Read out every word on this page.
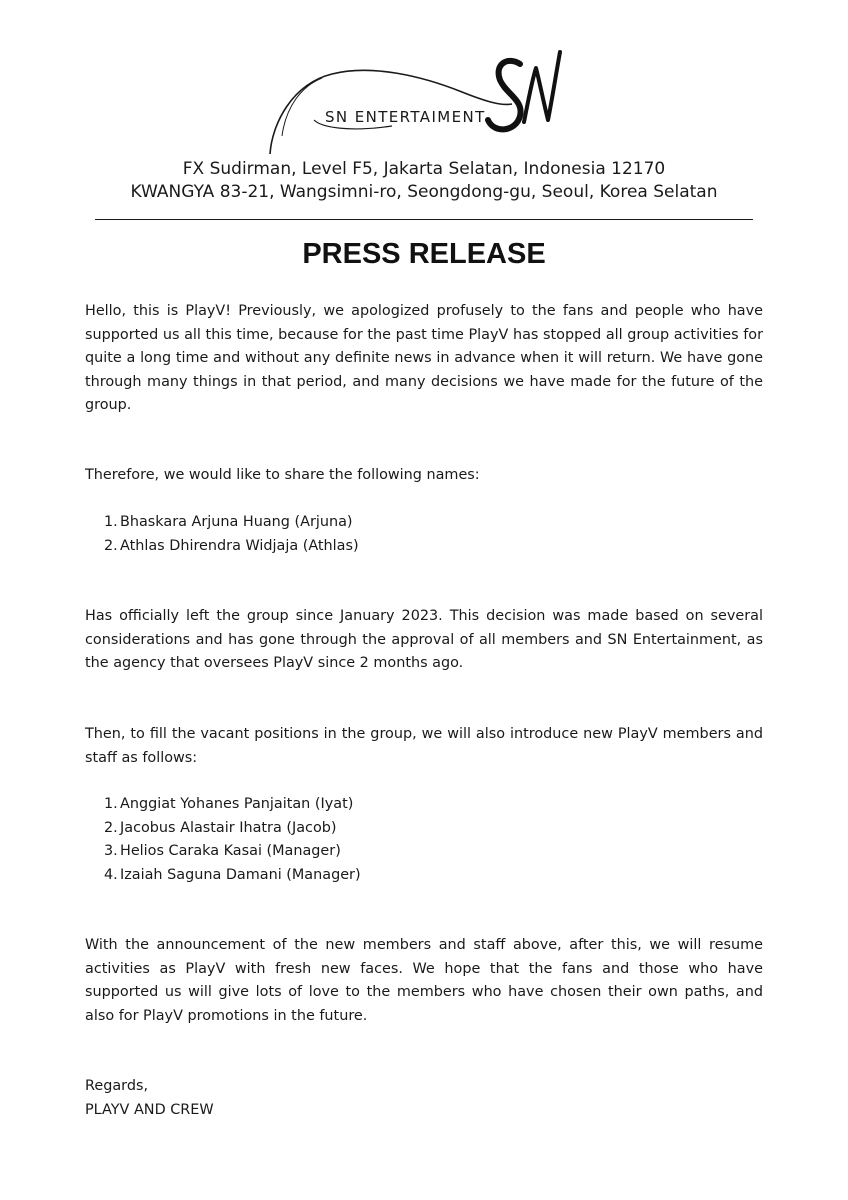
SN ENTERTAIMENT
FX Sudirman, Level F5, Jakarta Selatan, Indonesia 12170
KWANGYA 83-21, Wangsimni-ro, Seongdong-gu, Seoul, Korea Selatan
PRESS RELEASE

Hello, this is PlayV! Previously, we apologized profusely to the fans and people who have supported us all this time, because for the past time PlayV has stopped all group activities for quite a long time and without any definite news in advance when it will return. We have gone through many things in that period, and many decisions we have made for the future of the group.

Therefore, we would like to share the following names:

1. Bhaskara Arjuna Huang (Arjuna)
2. Athlas Dhirendra Widjaja (Athlas)

Has officially left the group since January 2023. This decision was made based on several considerations and has gone through the approval of all members and SN Entertainment, as the agency that oversees PlayV since 2 months ago.

Then, to fill the vacant positions in the group, we will also introduce new PlayV members and staff as follows:

1. Anggiat Yohanes Panjaitan (Iyat)
2. Jacobus Alastair Ihatra (Jacob)
3. Helios Caraka Kasai (Manager)
4. Izaiah Saguna Damani (Manager)

With the announcement of the new members and staff above, after this, we will resume activities as PlayV with fresh new faces. We hope that the fans and those who have supported us will give lots of love to the members who have chosen their own paths, and also for PlayV promotions in the future.

Regards,

PLAYV AND CREW
